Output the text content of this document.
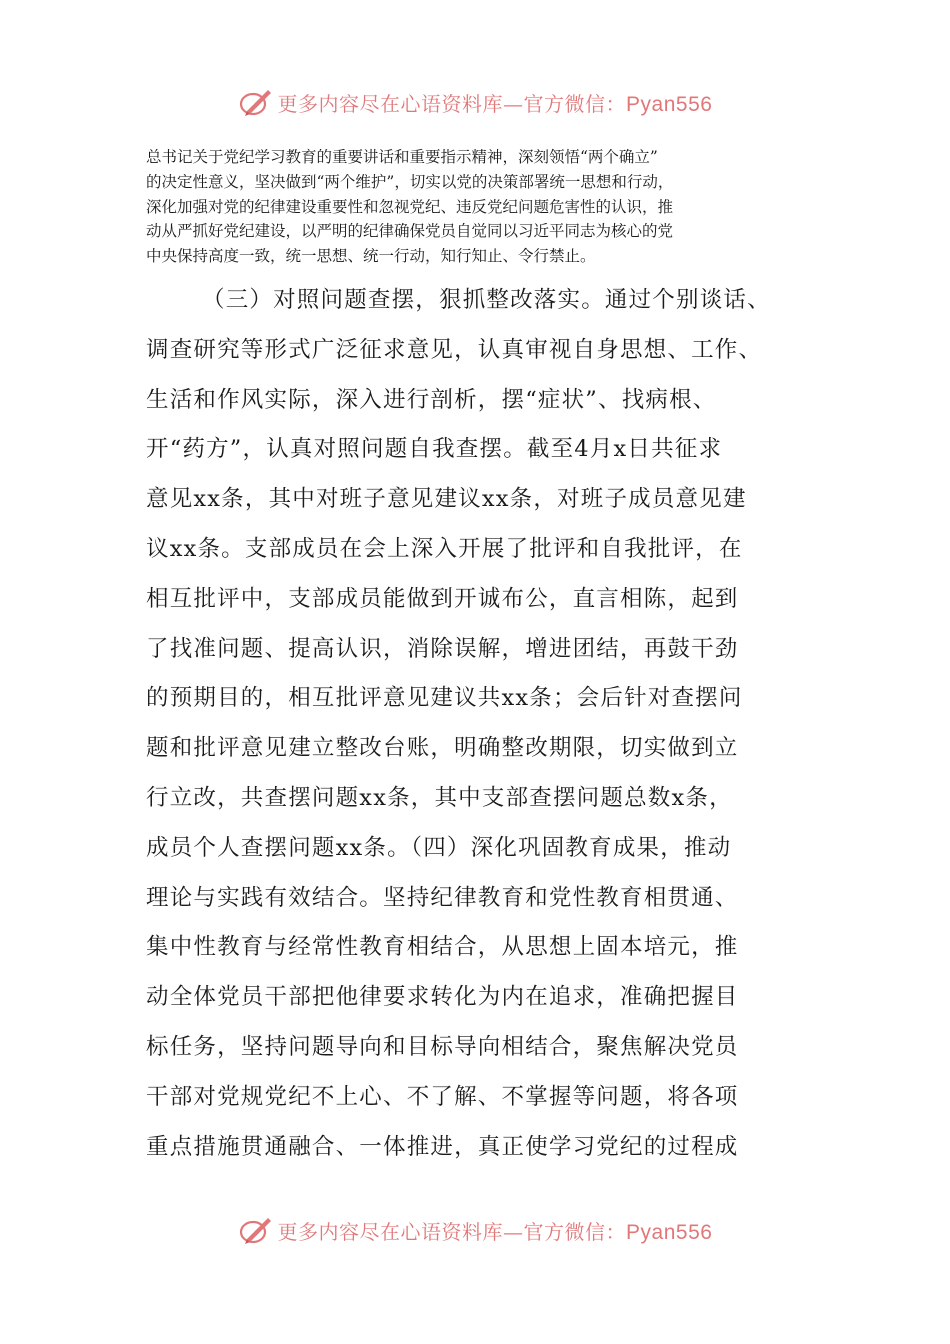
更多内容尽在心语资料库—官方微信：Pyan556
总书记关于党纪学习教育的重要讲话和重要指示精神，深刻领悟“两个确立”
的决定性意义，坚决做到“两个维护”，切实以党的决策部署统一思想和行动，
深化加强对党的纪律建设重要性和忽视党纪、违反党纪问题危害性的认识，推
动从严抓好党纪建设，以严明的纪律确保党员自觉同以习近平同志为核心的党
中央保持高度一致，统一思想、统一行动，知行知止、令行禁止。
（三）对照问题查摆，狠抓整改落实。通过个别谈话、
调查研究等形式广泛征求意见，认真审视自身思想、工作、
生活和作风实际，深入进行剖析，摆“症状”、找病根、
开“药方”，认真对照问题自我查摆。截至4月x日共征求
意见xx条，其中对班子意见建议xx条，对班子成员意见建
议xx条。支部成员在会上深入开展了批评和自我批评，在
相互批评中，支部成员能做到开诚布公，直言相陈，起到
了找准问题、提高认识，消除误解，增进团结，再鼓干劲
的预期目的，相互批评意见建议共xx条；会后针对查摆问
题和批评意见建立整改台账，明确整改期限，切实做到立
行立改，共查摆问题xx条，其中支部查摆问题总数x条，
成员个人查摆问题xx条。（四）深化巩固教育成果，推动
理论与实践有效结合。坚持纪律教育和党性教育相贯通、
集中性教育与经常性教育相结合，从思想上固本培元，推
动全体党员干部把他律要求转化为内在追求，准确把握目
标任务，坚持问题导向和目标导向相结合，聚焦解决党员
干部对党规党纪不上心、不了解、不掌握等问题，将各项
重点措施贯通融合、一体推进，真正使学习党纪的过程成
更多内容尽在心语资料库—官方微信：Pyan556
